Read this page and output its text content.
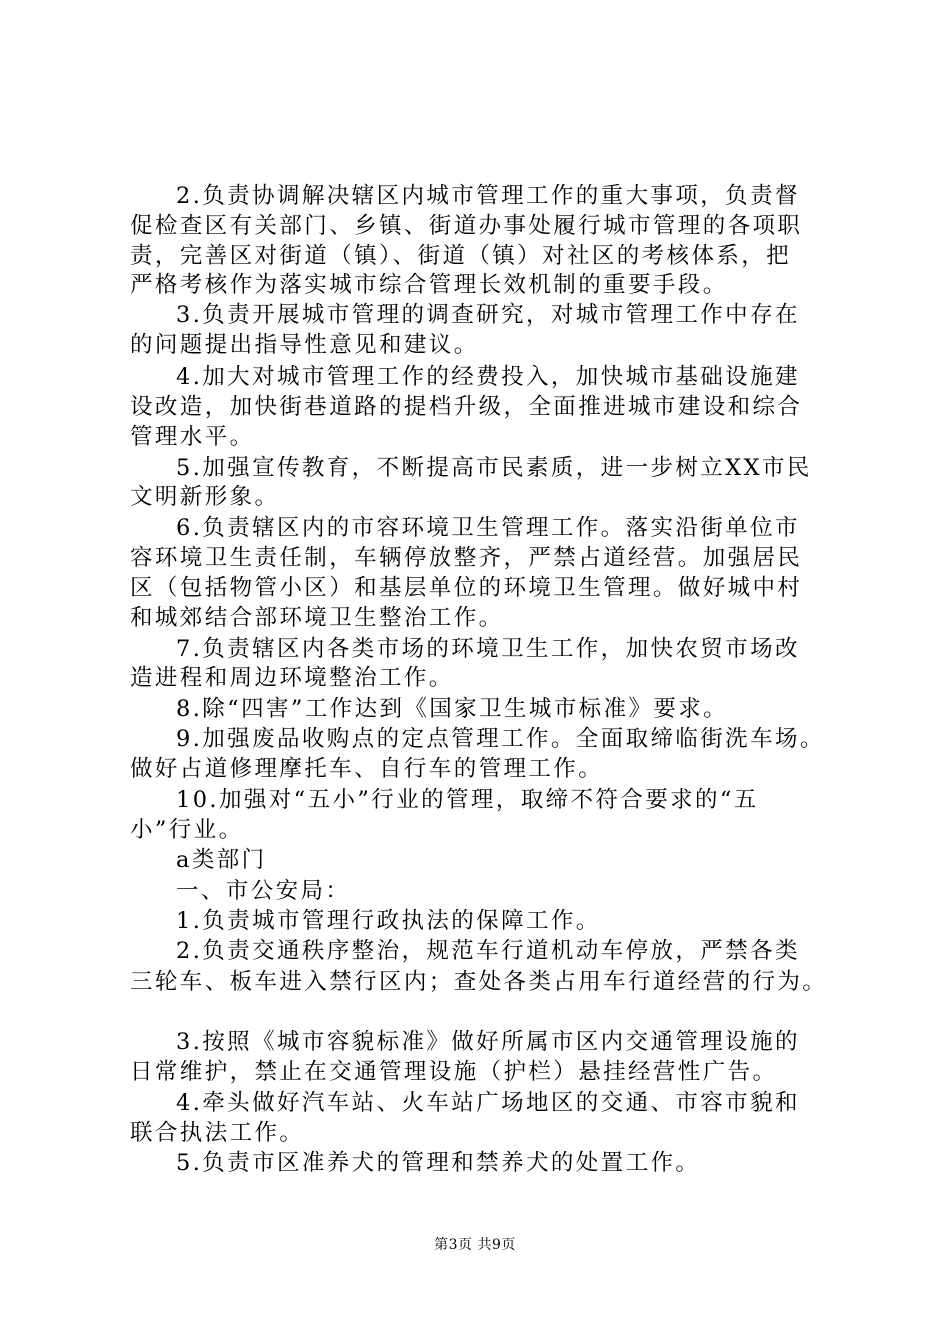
2.负责协调解决辖区内城市管理工作的重大事项，负责督
促检查区有关部门、乡镇、街道办事处履行城市管理的各项职
责，完善区对街道（镇）、街道（镇）对社区的考核体系，把
严格考核作为落实城市综合管理长效机制的重要手段。
3.负责开展城市管理的调查研究，对城市管理工作中存在
的问题提出指导性意见和建议。
4.加大对城市管理工作的经费投入，加快城市基础设施建
设改造，加快街巷道路的提档升级，全面推进城市建设和综合
管理水平。
5.加强宣传教育，不断提高市民素质，进一步树立XX市民
文明新形象。
6.负责辖区内的市容环境卫生管理工作。落实沿街单位市
容环境卫生责任制，车辆停放整齐，严禁占道经营。加强居民
区（包括物管小区）和基层单位的环境卫生管理。做好城中村
和城郊结合部环境卫生整治工作。
7.负责辖区内各类市场的环境卫生工作，加快农贸市场改
造进程和周边环境整治工作。
8.除“四害”工作达到《国家卫生城市标准》要求。
9.加强废品收购点的定点管理工作。全面取缔临街洗车场。
做好占道修理摩托车、自行车的管理工作。
10.加强对“五小”行业的管理，取缔不符合要求的“五
小”行业。
a类部门
一、市公安局：
1.负责城市管理行政执法的保障工作。
2.负责交通秩序整治，规范车行道机动车停放，严禁各类
三轮车、板车进入禁行区内；查处各类占用车行道经营的行为。
3.按照《城市容貌标准》做好所属市区内交通管理设施的
日常维护，禁止在交通管理设施（护栏）悬挂经营性广告。
4.牵头做好汽车站、火车站广场地区的交通、市容市貌和
联合执法工作。
5.负责市区准养犬的管理和禁养犬的处置工作。
第3页 共9页
